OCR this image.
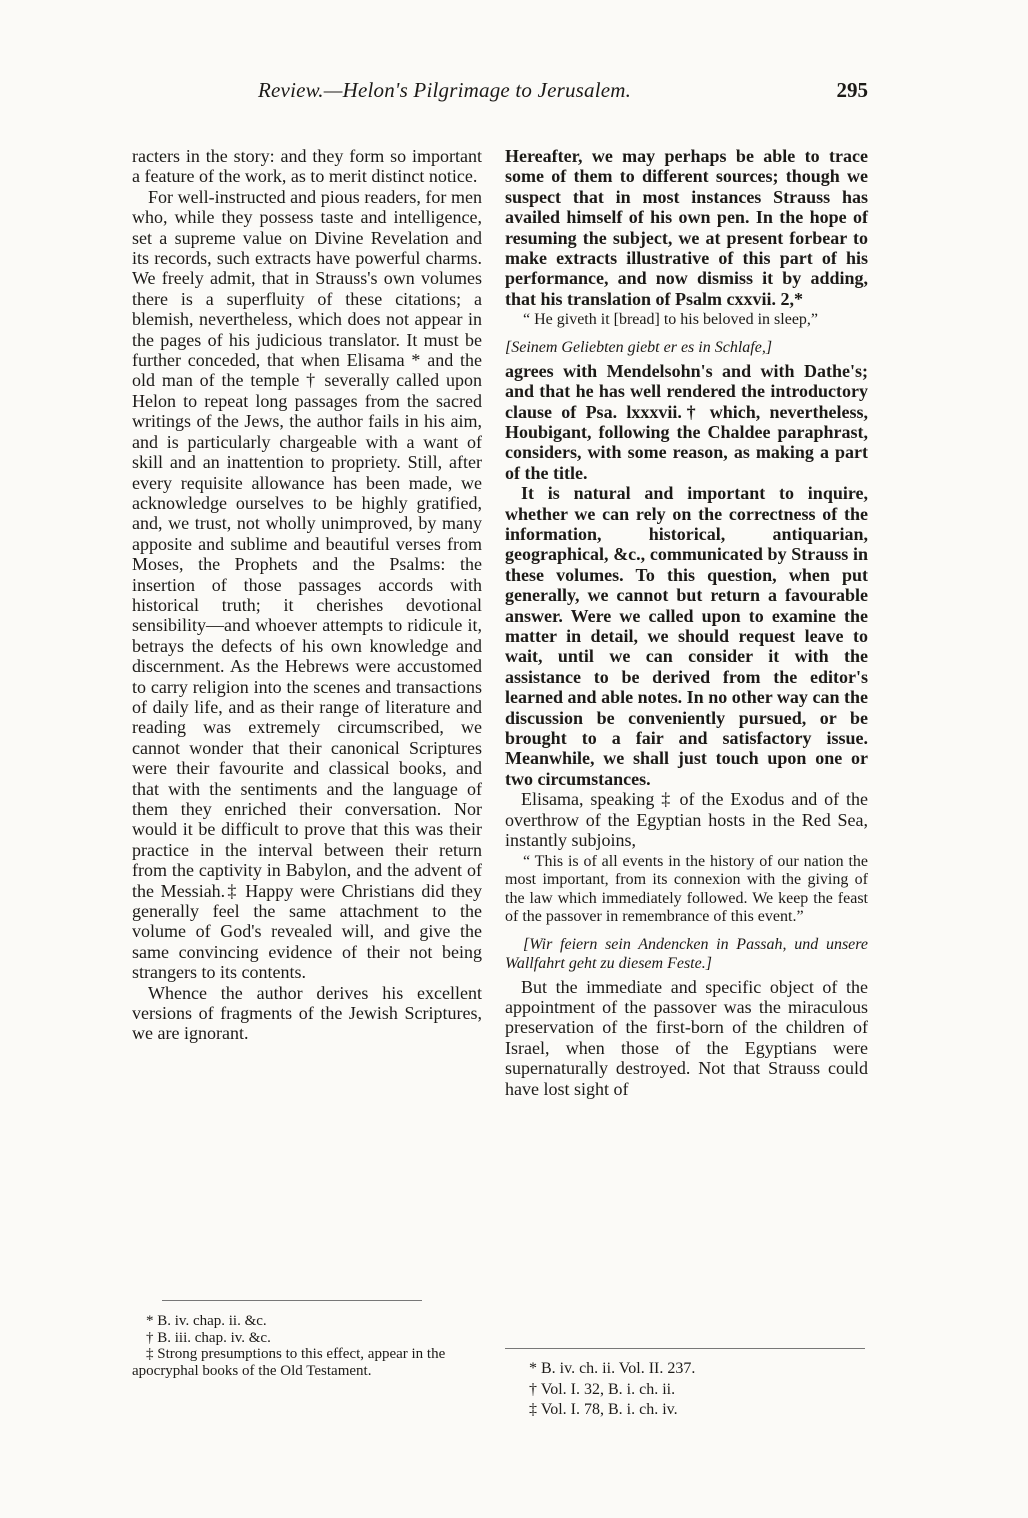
Review.—Helon's Pilgrimage to Jerusalem.	295

racters in the story: and they form so important a feature of the work, as to merit distinct notice.

For well-instructed and pious readers, for men who, while they possess taste and intelligence, set a supreme value on Divine Revelation and its records, such extracts have powerful charms. We freely admit, that in Strauss's own volumes there is a superfluity of these citations; a blemish, nevertheless, which does not appear in the pages of his judicious translator. It must be further conceded, that when Elisama * and the old man of the temple † severally called upon Helon to repeat long passages from the sacred writings of the Jews, the author fails in his aim, and is particularly chargeable with a want of skill and an inattention to propriety. Still, after every requisite allowance has been made, we acknowledge ourselves to be highly gratified, and, we trust, not wholly unimproved, by many apposite and sublime and beautiful verses from Moses, the Prophets and the Psalms: the insertion of those passages accords with historical truth; it cherishes devotional sensibility—and whoever attempts to ridicule it, betrays the defects of his own knowledge and discernment. As the Hebrews were accustomed to carry religion into the scenes and transactions of daily life, and as their range of literature and reading was extremely circumscribed, we cannot wonder that their canonical Scriptures were their favourite and classical books, and that with the sentiments and the language of them they enriched their conversation. Nor would it be difficult to prove that this was their practice in the interval between their return from the captivity in Babylon, and the advent of the Messiah.‡ Happy were Christians did they generally feel the same attachment to the volume of God's revealed will, and give the same convincing evidence of their not being strangers to its contents.

Whence the author derives his excellent versions of fragments of the Jewish Scriptures, we are ignorant.

Hereafter, we may perhaps be able to trace some of them to different sources; though we suspect that in most instances Strauss has availed himself of his own pen. In the hope of resuming the subject, we at present forbear to make extracts illustrative of this part of his performance, and now dismiss it by adding, that his translation of Psalm cxxvii. 2,*

“ He giveth it [bread] to his beloved in sleep,”

[Seinem Geliebten giebt er es in Schlafe,]

agrees with Mendelsohn's and with Dathe's; and that he has well rendered the introductory clause of Psa. lxxxvii.† which, nevertheless, Houbigant, following the Chaldee paraphrast, considers, with some reason, as making a part of the title.

It is natural and important to inquire, whether we can rely on the correctness of the information, historical, antiquarian, geographical, &c., communicated by Strauss in these volumes. To this question, when put generally, we cannot but return a favourable answer. Were we called upon to examine the matter in detail, we should request leave to wait, until we can consider it with the assistance to be derived from the editor's learned and able notes. In no other way can the discussion be conveniently pursued, or be brought to a fair and satisfactory issue. Meanwhile, we shall just touch upon one or two circumstances.

Elisama, speaking ‡ of the Exodus and of the overthrow of the Egyptian hosts in the Red Sea, instantly subjoins,

“ This is of all events in the history of our nation the most important, from its connexion with the giving of the law which immediately followed. We keep the feast of the passover in remembrance of this event.”

[Wir feiern sein Andencken in Passah, und unsere Wallfahrt geht zu diesem Feste.]

But the immediate and specific object of the appointment of the passover was the miraculous preservation of the first-born of the children of Israel, when those of the Egyptians were supernaturally destroyed. Not that Strauss could have lost sight of

* B. iv. chap. ii. &c.

† B. iii. chap. iv. &c.

‡ Strong presumptions to this effect, appear in the apocryphal books of the Old Testament.	* B. iv. ch. ii. Vol. II. 237.

† Vol. I. 32, B. i. ch. ii.

‡ Vol. I. 78, B. i. ch. iv.
